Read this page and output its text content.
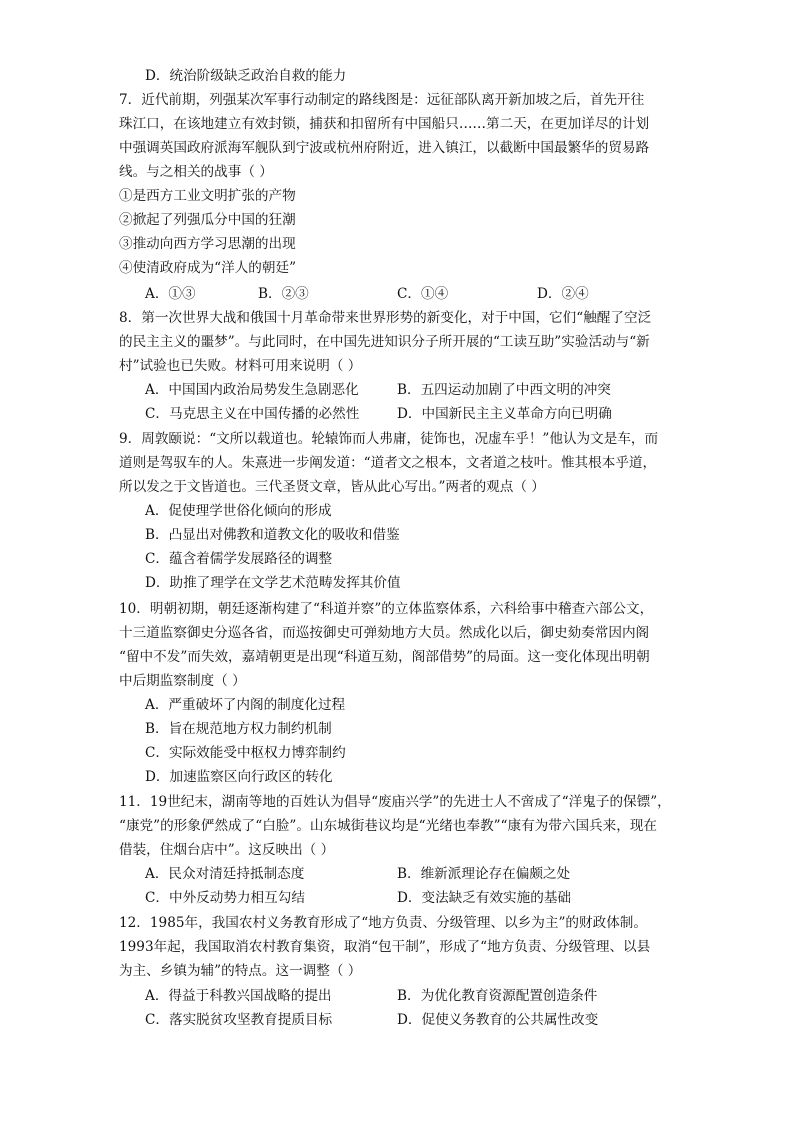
D．统治阶级缺乏政治自救的能力
7．近代前期，列强某次军事行动制定的路线图是：远征部队离开新加坡之后，首先开往
珠江口，在该地建立有效封锁，捕获和扣留所有中国船只……第二天，在更加详尽的计划
中强调英国政府派海军舰队到宁波或杭州府附近，进入镇江，以截断中国最繁华的贸易路
线。与之相关的战事（ ）
①是西方工业文明扩张的产物
②掀起了列强瓜分中国的狂潮
③推动向西方学习思潮的出现
④使清政府成为“洋人的朝廷”
A．①③	B．②③	C．①④	D．②④
8．第一次世界大战和俄国十月革命带来世界形势的新变化，对于中国，它们“触醒了空泛
的民主主义的噩梦”。与此同时，在中国先进知识分子所开展的“工读互助”实验活动与“新
村”试验也已失败。材料可用来说明（ ）
A．中国国内政治局势发生急剧恶化	B．五四运动加剧了中西文明的冲突
C．马克思主义在中国传播的必然性	D．中国新民主主义革命方向已明确
9．周敦颐说：“文所以载道也。轮辕饰而人弗庸，徒饰也，况虚车乎！”他认为文是车，而
道则是驾驭车的人。朱熹进一步阐发道：“道者文之根本，文者道之枝叶。惟其根本乎道，
所以发之于文皆道也。三代圣贤文章，皆从此心写出。”两者的观点（ ）
A．促使理学世俗化倾向的形成
B．凸显出对佛教和道教文化的吸收和借鉴
C．蕴含着儒学发展路径的调整
D．助推了理学在文学艺术范畴发挥其价值
10．明朝初期，朝廷逐渐构建了“科道并察”的立体监察体系，六科给事中稽查六部公文，
十三道监察御史分巡各省，而巡按御史可弹劾地方大员。然成化以后，御史劾奏常因内阁
“留中不发”而失效，嘉靖朝更是出现“科道互劾，阁部借势”的局面。这一变化体现出明朝
中后期监察制度（ ）
A．严重破坏了内阁的制度化过程
B．旨在规范地方权力制约机制
C．实际效能受中枢权力博弈制约
D．加速监察区向行政区的转化
11．19世纪末，湖南等地的百姓认为倡导“废庙兴学”的先进士人不啻成了“洋鬼子的保镖”，
“康党”的形象俨然成了“白脸”。山东城街巷议均是“光绪也奉教”“康有为带六国兵来，现在
借装，住烟台店中”。这反映出（ ）
A．民众对清廷持抵制态度	B．维新派理论存在偏颇之处
C．中外反动势力相互勾结	D．变法缺乏有效实施的基础
12．1985年，我国农村义务教育形成了“地方负责、分级管理、以乡为主”的财政体制。
1993年起，我国取消农村教育集资，取消“包干制”，形成了“地方负责、分级管理、以县
为主、乡镇为辅”的特点。这一调整（ ）
A．得益于科教兴国战略的提出	B．为优化教育资源配置创造条件
C．落实脱贫攻坚教育提质目标	D．促使义务教育的公共属性改变
